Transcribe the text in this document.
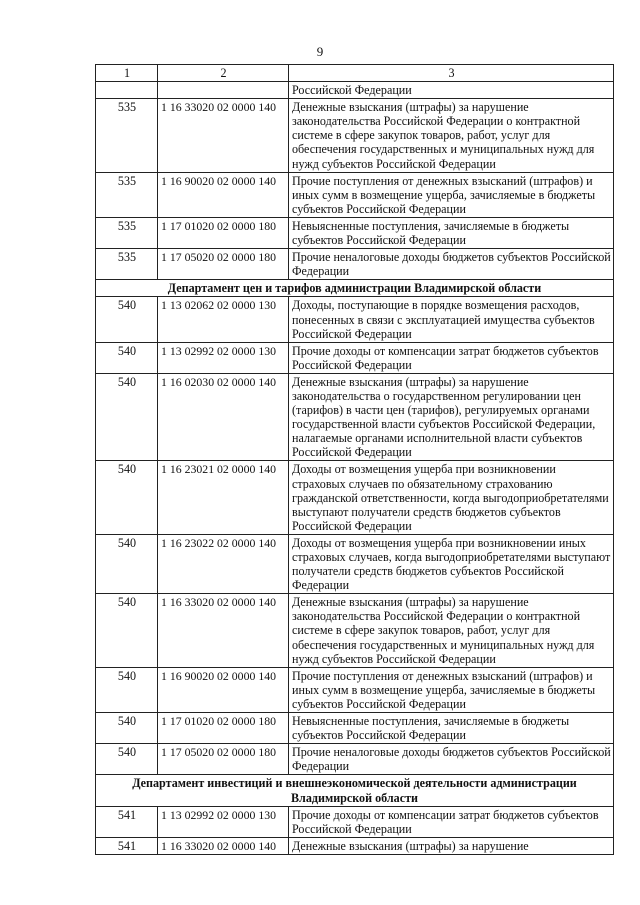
9
1	2	3
		Российской Федерации
535	1 16 33020 02 0000 140	Денежные взыскания (штрафы) за нарушение законодательства Российской Федерации о контрактной системе в сфере закупок товаров, работ, услуг для обеспечения государственных и муниципальных нужд для нужд субъектов Российской Федерации
535	1 16 90020 02 0000 140	Прочие поступления от денежных взысканий (штрафов) и иных сумм в возмещение ущерба, зачисляемые в бюджеты субъектов Российской Федерации
535	1 17 01020 02 0000 180	Невыясненные поступления, зачисляемые в бюджеты субъектов Российской Федерации
535	1 17 05020 02 0000 180	Прочие неналоговые доходы бюджетов субъектов Российской Федерации
Департамент цен и тарифов администрации Владимирской области		
540	1 13 02062 02 0000 130	Доходы, поступающие в порядке возмещения расходов, понесенных в связи с эксплуатацией имущества субъектов Российской Федерации
540	1 13 02992 02 0000 130	Прочие доходы от компенсации затрат бюджетов субъектов Российской Федерации
540	1 16 02030 02 0000 140	Денежные взыскания (штрафы) за нарушение законодательства о государственном регулировании цен (тарифов) в части цен (тарифов), регулируемых органами государственной власти субъектов Российской Федерации, налагаемые органами исполнительной власти субъектов Российской Федерации
540	1 16 23021 02 0000 140	Доходы от возмещения ущерба при возникновении страховых случаев по обязательному страхованию гражданской ответственности, когда выгодоприобретателями выступают получатели средств бюджетов субъектов Российской Федерации
540	1 16 23022 02 0000 140	Доходы от возмещения ущерба при возникновении иных страховых случаев, когда выгодоприобретателями выступают получатели средств бюджетов субъектов Российской Федерации
540	1 16 33020 02 0000 140	Денежные взыскания (штрафы) за нарушение законодательства Российской Федерации о контрактной системе в сфере закупок товаров, работ, услуг для обеспечения государственных и муниципальных нужд для нужд субъектов Российской Федерации
540	1 16 90020 02 0000 140	Прочие поступления от денежных взысканий (штрафов) и иных сумм в возмещение ущерба, зачисляемые в бюджеты субъектов Российской Федерации
540	1 17 01020 02 0000 180	Невыясненные поступления, зачисляемые в бюджеты субъектов Российской Федерации
540	1 17 05020 02 0000 180	Прочие неналоговые доходы бюджетов субъектов Российской Федерации
Департамент инвестиций и внешнеэкономической деятельности администрации Владимирской области		
541	1 13 02992 02 0000 130	Прочие доходы от компенсации затрат бюджетов субъектов Российской Федерации
541	1 16 33020 02 0000 140	Денежные взыскания (штрафы) за нарушение
